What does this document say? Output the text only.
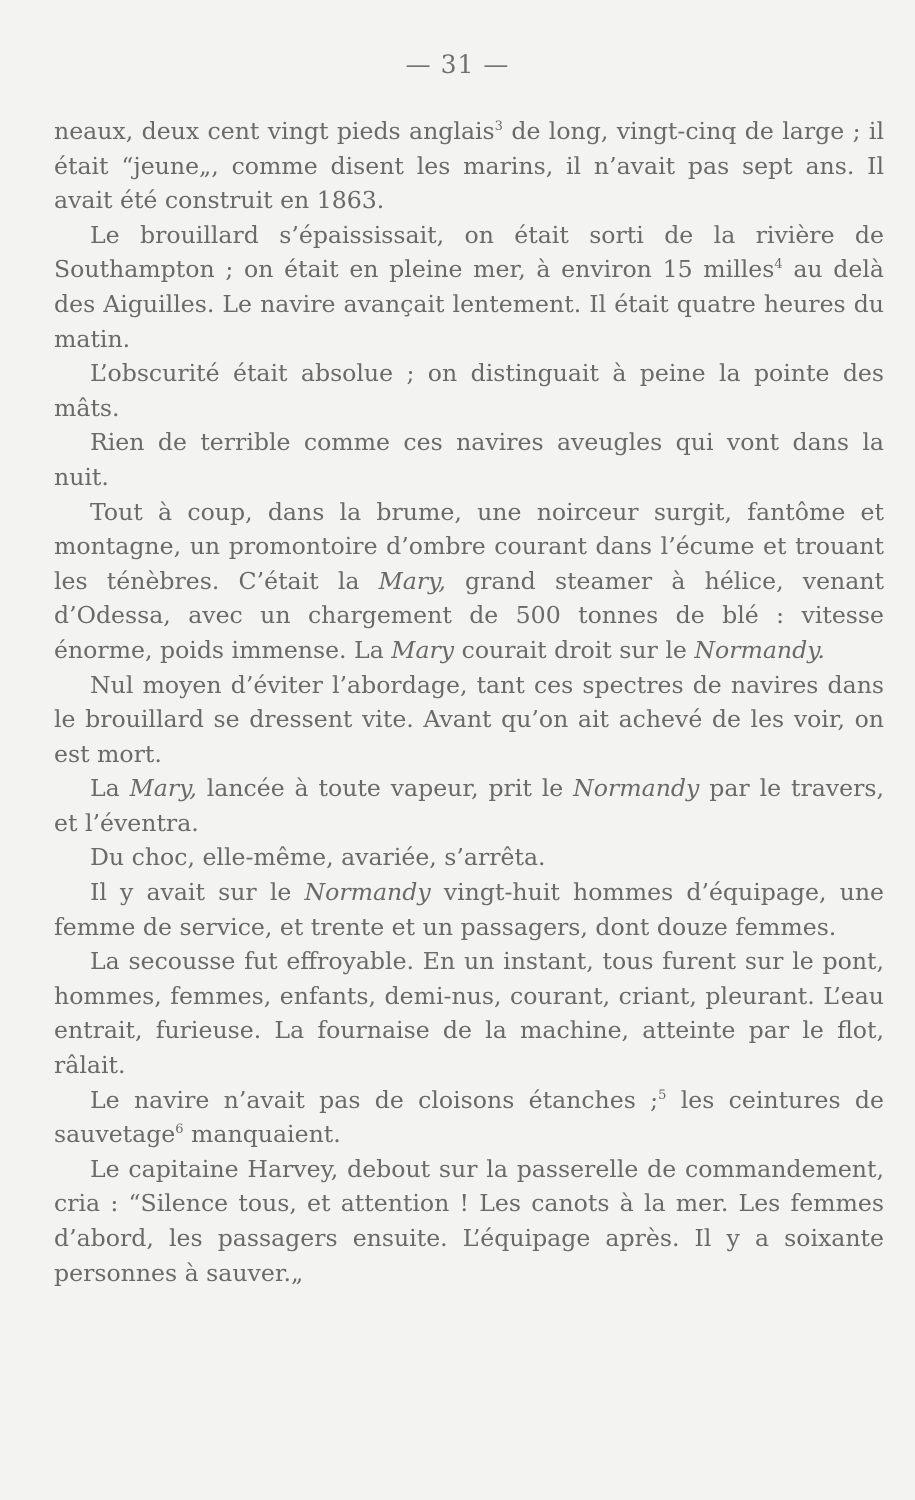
— 31 —

neaux, deux cent vingt pieds anglais$^3$ de long, vingt-cinq de large ; il était “jeune„, comme disent les marins, il n’avait pas sept ans. Il avait été construit en 1863.

Le brouillard s’épaississait, on était sorti de la rivière de Southampton ; on était en pleine mer, à environ 15 milles$^4$ au delà des Aiguilles. Le navire avançait lentement. Il était quatre heures du matin.

L’obscurité était absolue ; on distinguait à peine la pointe des mâts.

Rien de terrible comme ces navires aveugles qui vont dans la nuit.

Tout à coup, dans la brume, une noirceur surgit, fantôme et montagne, un promontoire d’ombre courant dans l’écume et trouant les ténèbres. C’était la Mary, grand steamer à hélice, venant d’Odessa, avec un chargement de 500 tonnes de blé : vitesse énorme, poids immense. La Mary courait droit sur le Normandy.

Nul moyen d’éviter l’abordage, tant ces spectres de navires dans le brouillard se dressent vite. Avant qu’on ait achevé de les voir, on est mort.

La Mary, lancée à toute vapeur, prit le Normandy par le travers, et l’éventra.

Du choc, elle-même, avariée, s’arrêta.

Il y avait sur le Normandy vingt-huit hommes d’équipage, une femme de service, et trente et un passagers, dont douze femmes.

La secousse fut effroyable. En un instant, tous furent sur le pont, hommes, femmes, enfants, demi-nus, courant, criant, pleurant. L’eau entrait, furieuse. La fournaise de la machine, atteinte par le flot, râlait.

Le navire n’avait pas de cloisons étanches ;$^5$ les ceintures de sauvetage$^6$ manquaient.

Le capitaine Harvey, debout sur la passerelle de commandement, cria : “Silence tous, et attention ! Les canots à la mer. Les femmes d’abord, les passagers ensuite. L’équipage après. Il y a soixante personnes à sauver.„
